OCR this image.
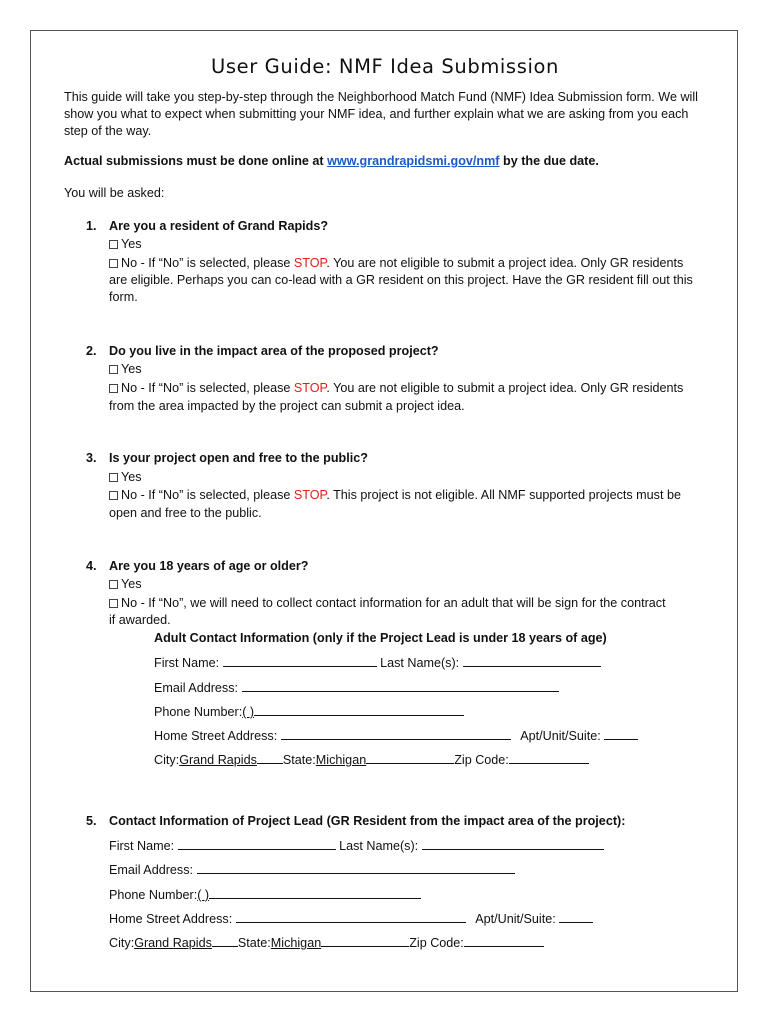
User Guide: NMF Idea Submission
This guide will take you step-by-step through the Neighborhood Match Fund (NMF) Idea Submission form. We will show you what to expect when submitting your NMF idea, and further explain what we are asking from you each step of the way.
Actual submissions must be done online at www.grandrapidsmi.gov/nmf by the due date.
You will be asked:
1. Are you a resident of Grand Rapids?
Yes
No - If “No” is selected, please STOP. You are not eligible to submit a project idea. Only GR residents
are eligible. Perhaps you can co-lead with a GR resident on this project. Have the GR resident fill out this form.
2. Do you live in the impact area of the proposed project?
Yes
No - If “No” is selected, please STOP. You are not eligible to submit a project idea. Only GR residents
from the area impacted by the project can submit a project idea.
3. Is your project open and free to the public?
Yes
No - If “No” is selected, please STOP. This project is not eligible. All NMF supported projects must be
open and free to the public.
4. Are you 18 years of age or older?
Yes
No - If “No”, we will need to collect contact information for an adult that will be sign for the contract
if awarded.
Adult Contact Information (only if the Project Lead is under 18 years of age)
First Name:	Last Name(s):
Email Address:
Phone Number:( )
Home Street Address:	Apt/Unit/Suite:
City:Grand Rapids State:Michigan	Zip Code:
5. Contact Information of Project Lead (GR Resident from the impact area of the project):
First Name:	Last Name(s):
Email Address:
Phone Number:( )
Home Street Address:	Apt/Unit/Suite:
City:Grand Rapids State:Michigan	Zip Code:
